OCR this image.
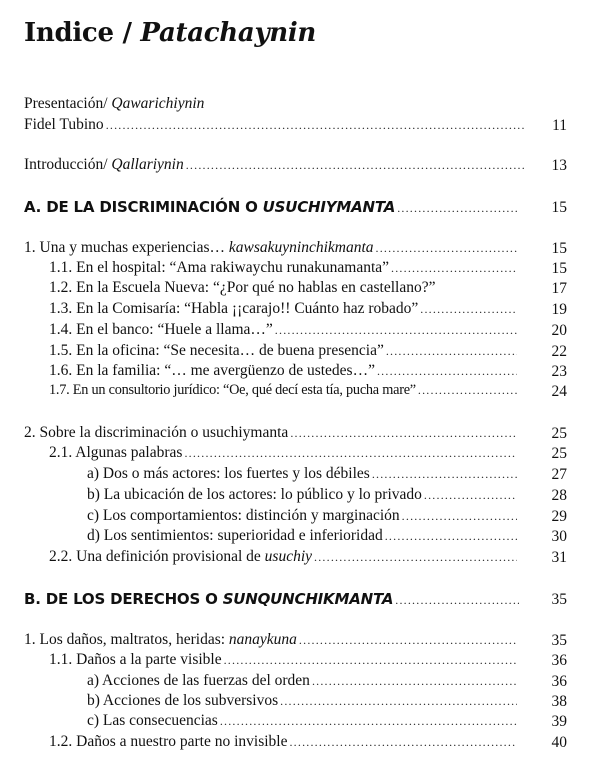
Indice / Patachaynin
Presentación/ Qawarichiynin
Fidel Tubino .....	11
Introducción/ Qallariynin .....	13
A. DE LA DISCRIMINACIÓN O USUCHIYMANTA .....	15
1. Una y muchas experiencias… kawsakuyninchikmanta .....	15
1.1. En el hospital: “Ama rakiwaychu runakunamanta” .....	15
1.2. En la Escuela Nueva: “¿Por qué no hablas en castellano?”	17
1.3. En la Comisaría: “Habla ¡¡carajo!! Cuánto haz robado” .....	19
1.4. En el banco: “Huele a llama…” .....	20
1.5. En la oficina: “Se necesita… de buena presencia” .....	22
1.6. En la familia: “… me avergüenzo de ustedes…” .....	23
1.7. En un consultorio jurídico: “Oe, qué decí esta tía, pucha mare” .....	24
2. Sobre la discriminación o usuchiymanta .....	25
2.1. Algunas palabras .....	25
a) Dos o más actores: los fuertes y los débiles .....	27
b) La ubicación de los actores: lo público y lo privado .....	28
c) Los comportamientos: distinción y marginación .....	29
d) Los sentimientos: superioridad e inferioridad .....	30
2.2. Una definición provisional de usuchiy .....	31
B. DE LOS DERECHOS O SUNQUNCHIKMANTA .....	35
1. Los daños, maltratos, heridas: nanaykuna .....	35
1.1. Daños a la parte visible .....	36
a) Acciones de las fuerzas del orden .....	36
b) Acciones de los subversivos .....	38
c) Las consecuencias .....	39
1.2. Daños a nuestro parte no invisible .....	40
